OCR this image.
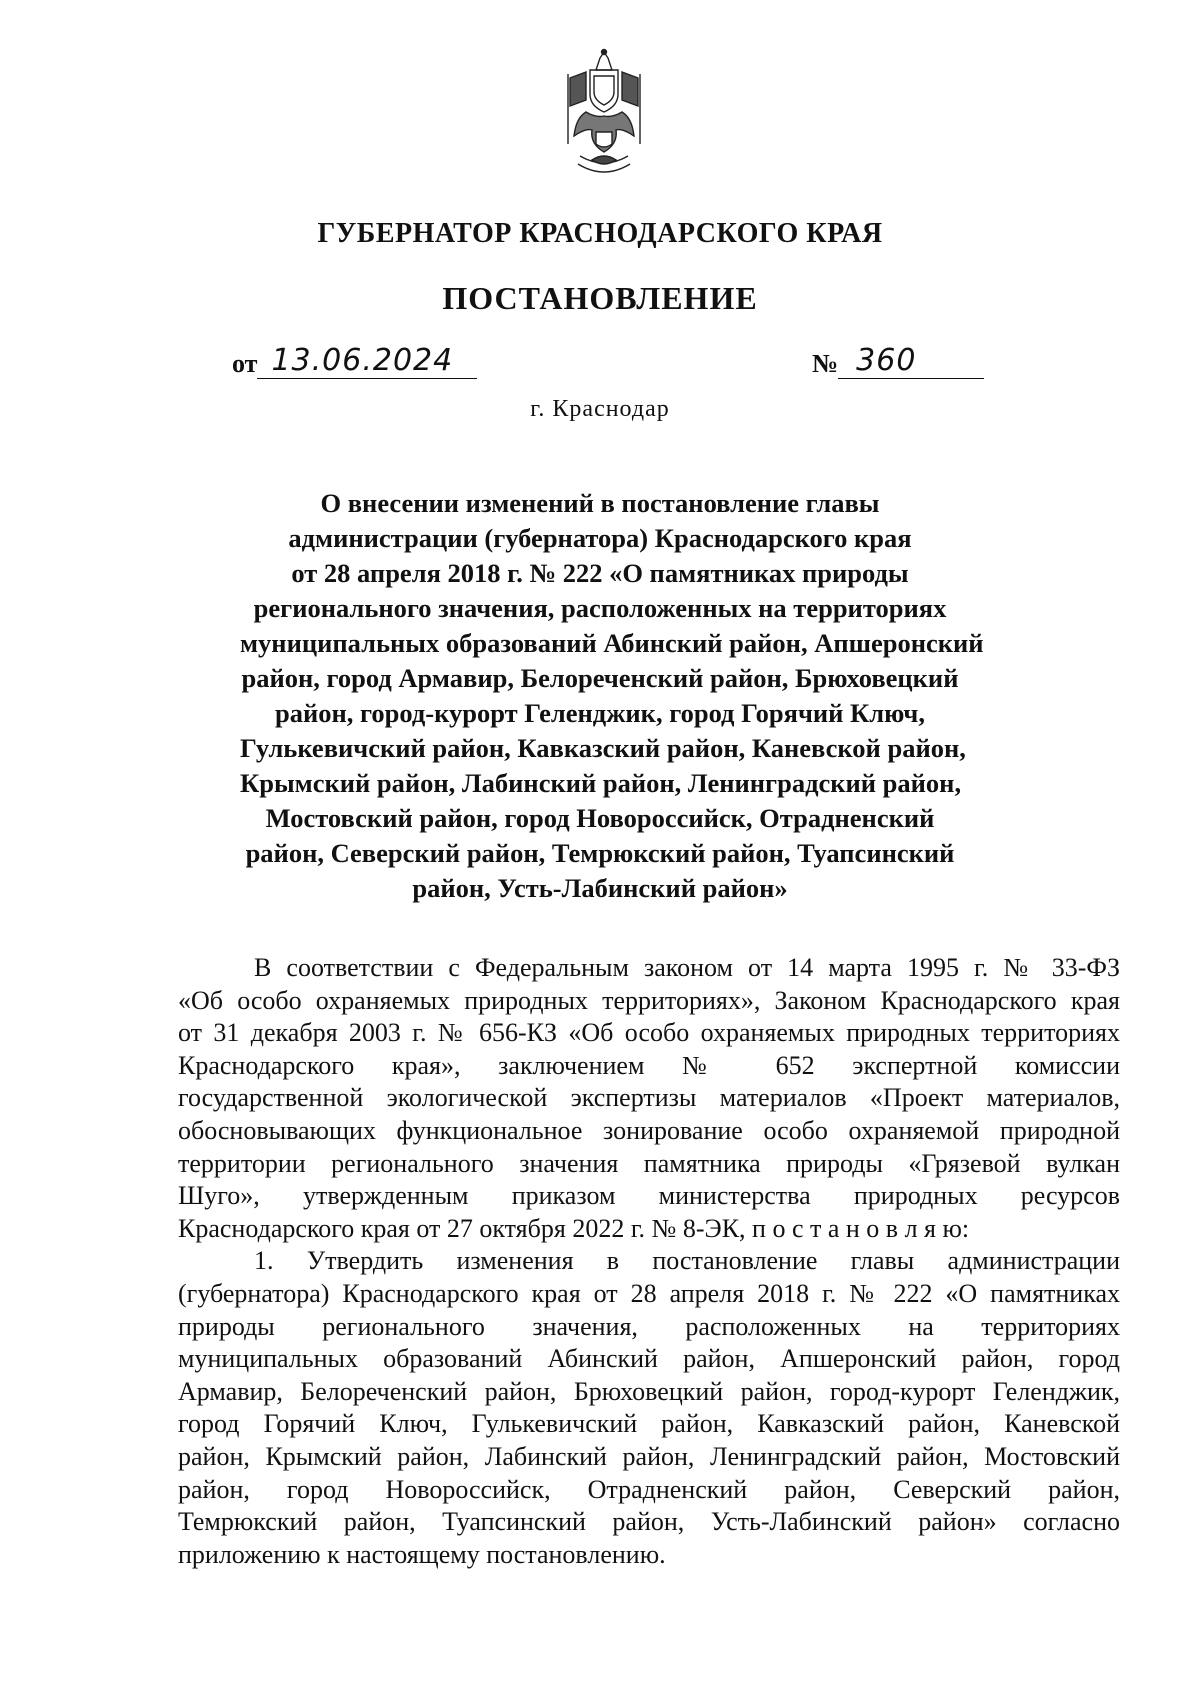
ГУБЕРНАТОР КРАСНОДАРСКОГО КРАЯ
ПОСТАНОВЛЕНИЕ
от 13.06.2024	№ 360
г. Краснодар
О внесении изменений в постановление главы
администрации (губернатора) Краснодарского края
от 28 апреля 2018 г. № 222 «О памятниках природы
регионального значения, расположенных на территориях
муниципальных образований Абинский район, Апшеронский
район, город Армавир, Белореченский район, Брюховецкий
район, город-курорт Геленджик, город Горячий Ключ,
Гулькевичский район, Кавказский район, Каневской район,
Крымский район, Лабинский район, Ленинградский район,
Мостовский район, город Новороссийск, Отрадненский
район, Северский район, Темрюкский район, Туапсинский
район, Усть-Лабинский район»
В соответствии с Федеральным законом от 14 марта 1995 г. № 33-ФЗ
«Об особо охраняемых природных территориях», Законом Краснодарского края
от 31 декабря 2003 г. № 656-КЗ «Об особо охраняемых природных территориях
Краснодарского края», заключением № 652 экспертной комиссии
государственной экологической экспертизы материалов «Проект материалов,
обосновывающих функциональное зонирование особо охраняемой природной
территории регионального значения памятника природы «Грязевой вулкан
Шуго», утвержденным приказом министерства природных ресурсов
Краснодарского края от 27 октября 2022 г. № 8-ЭК, п о с т а н о в л я ю:
1. Утвердить изменения в постановление главы администрации
(губернатора) Краснодарского края от 28 апреля 2018 г. № 222 «О памятниках
природы регионального значения, расположенных на территориях
муниципальных образований Абинский район, Апшеронский район, город
Армавир, Белореченский район, Брюховецкий район, город-курорт Геленджик,
город Горячий Ключ, Гулькевичский район, Кавказский район, Каневской
район, Крымский район, Лабинский район, Ленинградский район, Мостовский
район, город Новороссийск, Отрадненский район, Северский район,
Темрюкский район, Туапсинский район, Усть-Лабинский район» согласно
приложению к настоящему постановлению.
